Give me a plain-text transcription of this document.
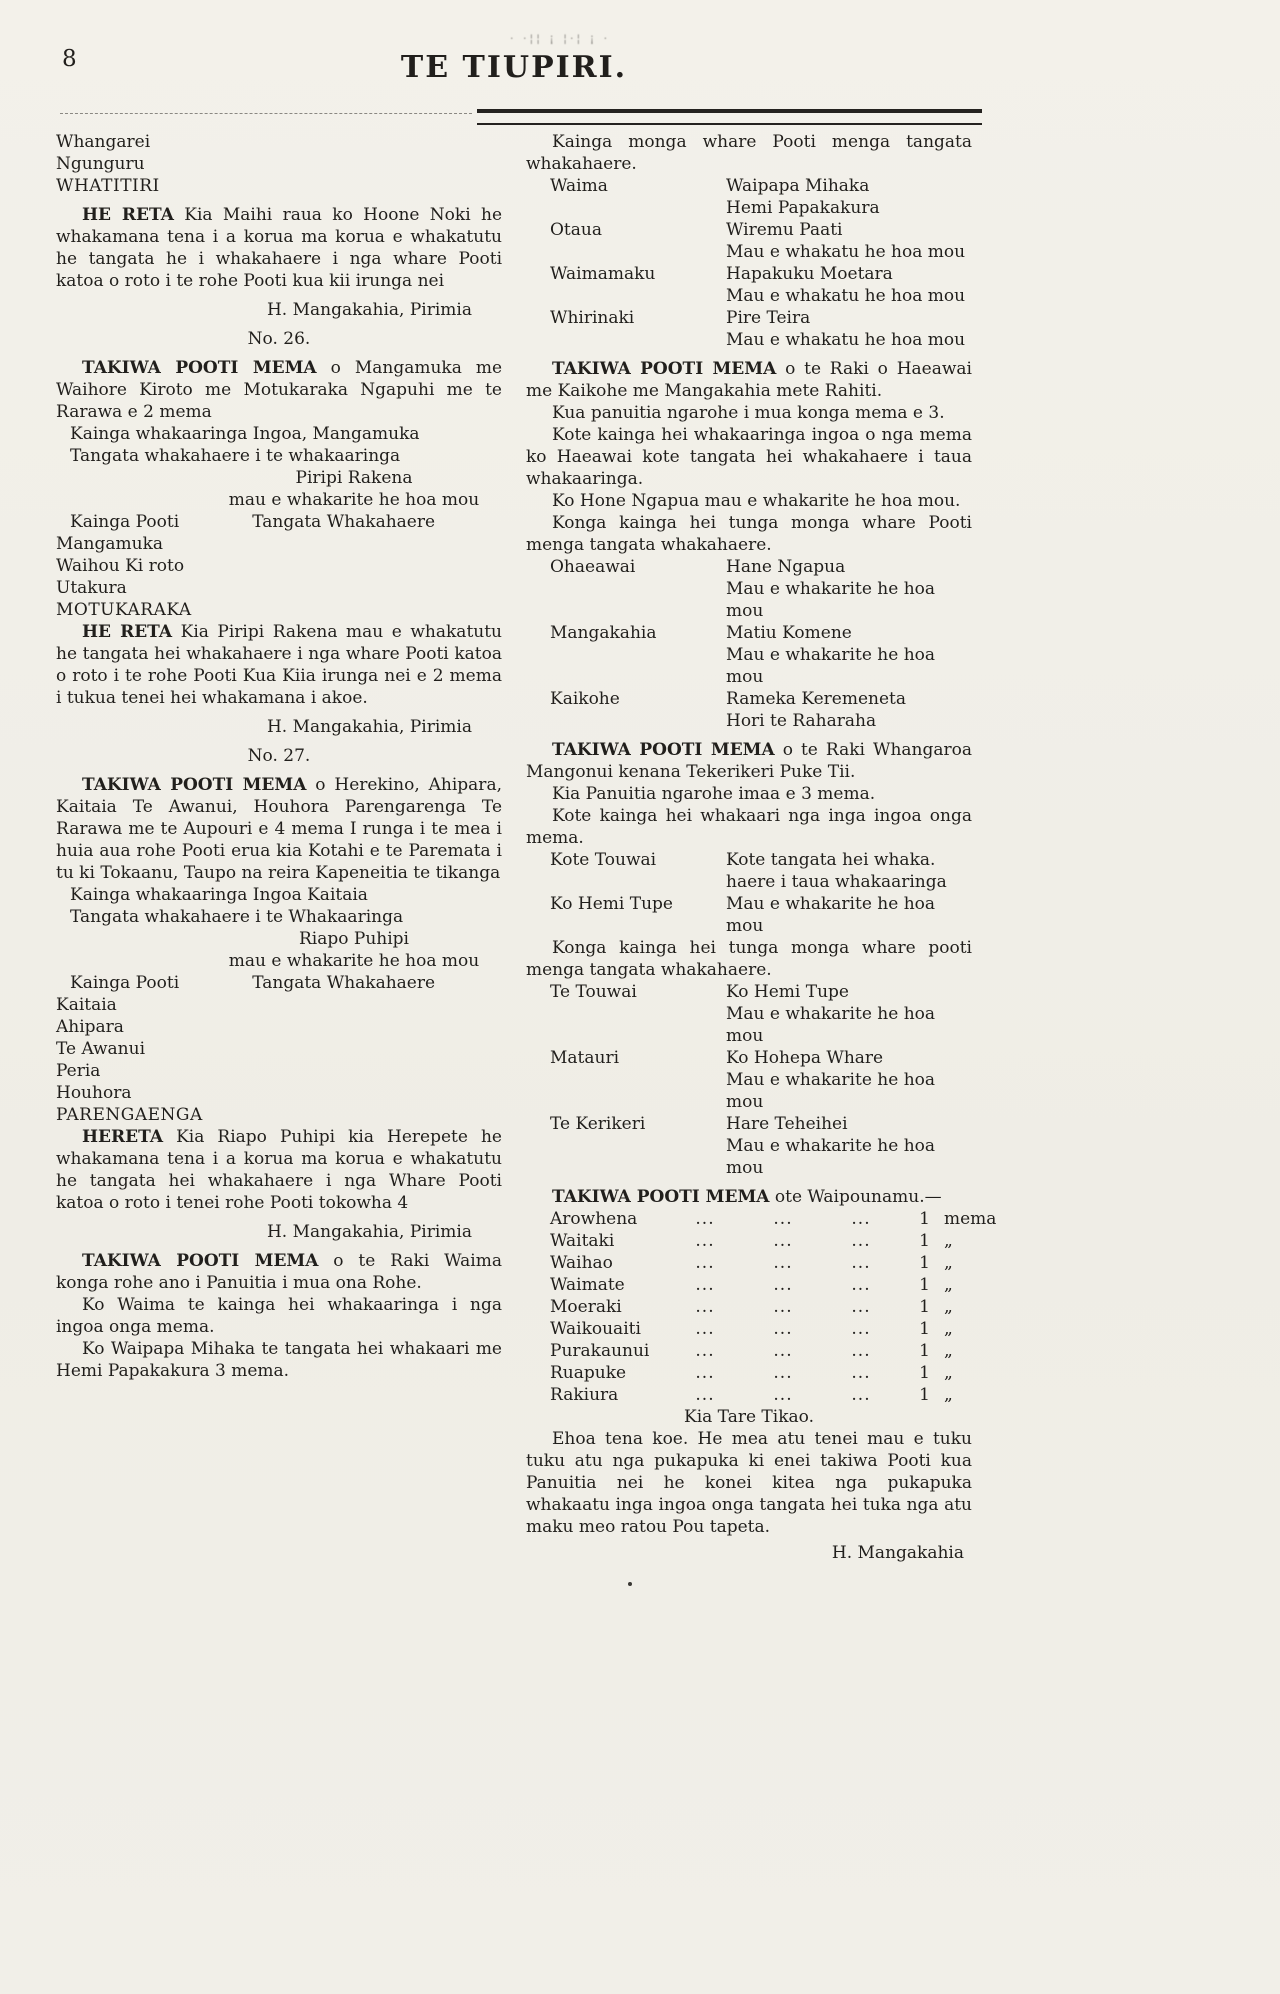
8
· ·¦¦ ¡ ¦·¦ ¡ ·
TE TIUPIRI.
Whangarei
Ngunguru
WHATITIRI

HE RETA Kia Maihi raua ko Hoone Noki he whakamana tena i a korua ma korua e whakatutu he tangata he i whakahaere i nga whare Pooti katoa o roto i te rohe Pooti kua kii irunga nei

H. Mangakahia, Pirimia
No. 26.

TAKIWA POOTI MEMA o Mangamuka me Waihore Kiroto me Motukaraka Ngapuhi me te Rarawa e 2 mema

Kainga whakaaringa Ingoa, Mangamuka
Tangata whakahaere i te whakaaringa
Piripi Rakena
mau e whakarite he hoa mou
Kainga Pooti	Tangata Whakahaere
Mangamuka
Waihou Ki roto
Utakura
MOTUKARAKA

HE RETA Kia Piripi Rakena mau e whakatutu he tangata hei whakahaere i nga whare Pooti katoa o roto i te rohe Pooti Kua Kiia irunga nei e 2 mema i tukua tenei hei whakamana i akoe.

H. Mangakahia, Pirimia
No. 27.

TAKIWA POOTI MEMA o Herekino, Ahipara, Kaitaia Te Awanui, Houhora Parengarenga Te Rarawa me te Aupouri e 4 mema I runga i te mea i huia aua rohe Pooti erua kia Kotahi e te Paremata i tu ki Tokaanu, Taupo na reira Kapeneitia te tikanga

Kainga whakaaringa Ingoa Kaitaia
Tangata whakahaere i te Whakaaringa
Riapo Puhipi
mau e whakarite he hoa mou
Kainga Pooti	Tangata Whakahaere
Kaitaia
Ahipara
Te Awanui
Peria
Houhora
PARENGAENGA

HERETA Kia Riapo Puhipi kia Herepete he whakamana tena i a korua ma korua e whakatutu he tangata hei whakahaere i nga Whare Pooti katoa o roto i tenei rohe Pooti tokowha 4

H. Mangakahia, Pirimia

TAKIWA POOTI MEMA o te Raki Waima konga rohe ano i Panuitia i mua ona Rohe.

Ko Waima te kainga hei whakaaringa i nga ingoa onga mema.

Ko Waipapa Mihaka te tangata hei whakaari me Hemi Papakakura 3 mema.

Kainga monga whare Pooti menga tangata whakahaere.

Waima	Waipapa Mihaka
Hemi Papakakura
Otaua	Wiremu Paati
Mau e whakatu he hoa mou
Waimamaku	Hapakuku Moetara
Mau e whakatu he hoa mou
Whirinaki	Pire Teira
Mau e whakatu he hoa mou

TAKIWA POOTI MEMA o te Raki o Haeawai me Kaikohe me Mangakahia mete Rahiti.

Kua panuitia ngarohe i mua konga mema e 3.

Kote kainga hei whakaaringa ingoa o nga mema ko Haeawai kote tangata hei whakahaere i taua whakaaringa.

Ko Hone Ngapua mau e whakarite he hoa mou.

Konga kainga hei tunga monga whare Pooti menga tangata whakahaere.

Ohaeawai	Hane Ngapua
Mau e whakarite he hoa mou
Mangakahia	Matiu Komene
Mau e whakarite he hoa mou
Kaikohe	Rameka Keremeneta
Hori te Raharaha

TAKIWA POOTI MEMA o te Raki Whangaroa Mangonui kenana Tekerikeri Puke Tii.

Kia Panuitia ngarohe imaa e 3 mema.

Kote kainga hei whakaari nga inga ingoa onga mema.

Kote Touwai	Kote tangata hei whaka.
haere i taua whakaaringa
Ko Hemi Tupe	Mau e whakarite he hoa mou

Konga kainga hei tunga monga whare pooti menga tangata whakahaere.

Te Touwai	Ko Hemi Tupe
Mau e whakarite he hoa mou
Matauri	Ko Hohepa Whare
Mau e whakarite he hoa mou
Te Kerikeri	Hare Teheihei
Mau e whakarite he hoa mou

TAKIWA POOTI MEMA ote Waipounamu.—

Arowhena	...	...	...	1 mema
Waitaki	...	...	...	1 „
Waihao	...	...	...	1 „
Waimate	...	...	...	1 „
Moeraki	...	...	...	1 „
Waikouaiti	...	...	...	1 „
Purakaunui	...	...	...	1 „
Ruapuke	...	...	...	1 „
Rakiura	...	...	...	1 „
Kia Tare Tikao.

Ehoa tena koe. He mea atu tenei mau e tuku tuku atu nga pukapuka ki enei takiwa Pooti kua Panuitia nei he konei kitea nga pukapuka whakaatu inga ingoa onga tangata hei tuka nga atu maku meo ratou Pou tapeta.

H. Mangakahia
